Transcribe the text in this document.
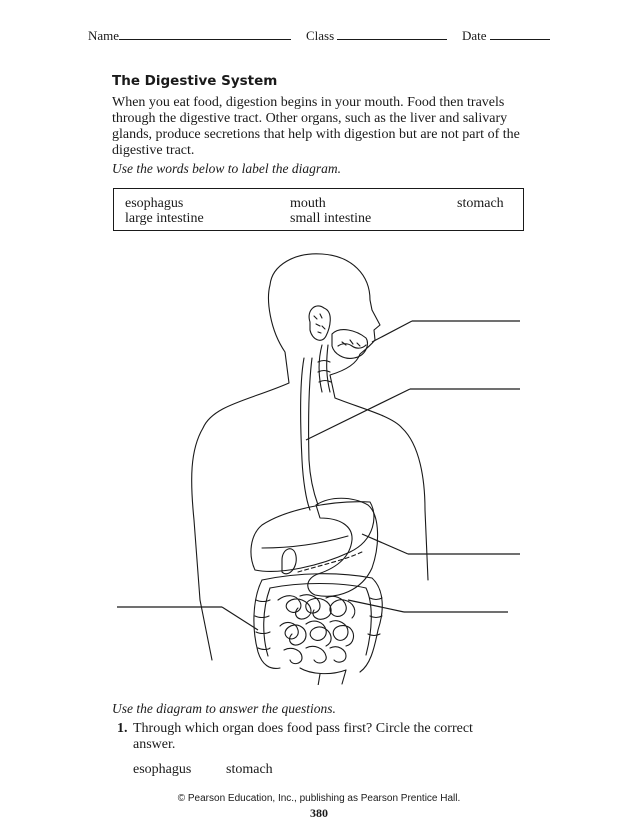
Name	Class	Date
The Digestive System
When you eat food, digestion begins in your mouth. Food then travels through the digestive tract. Other organs, such as the liver and salivary glands, produce secretions that help with digestion but are not part of the digestive tract.
Use the words below to label the diagram.
esophagus	mouth	stomach
large intestine	small intestine
Use the diagram to answer the questions.
1. Through which organ does food pass first? Circle the correct answer.
esophagus stomach
© Pearson Education, Inc., publishing as Pearson Prentice Hall.
380
